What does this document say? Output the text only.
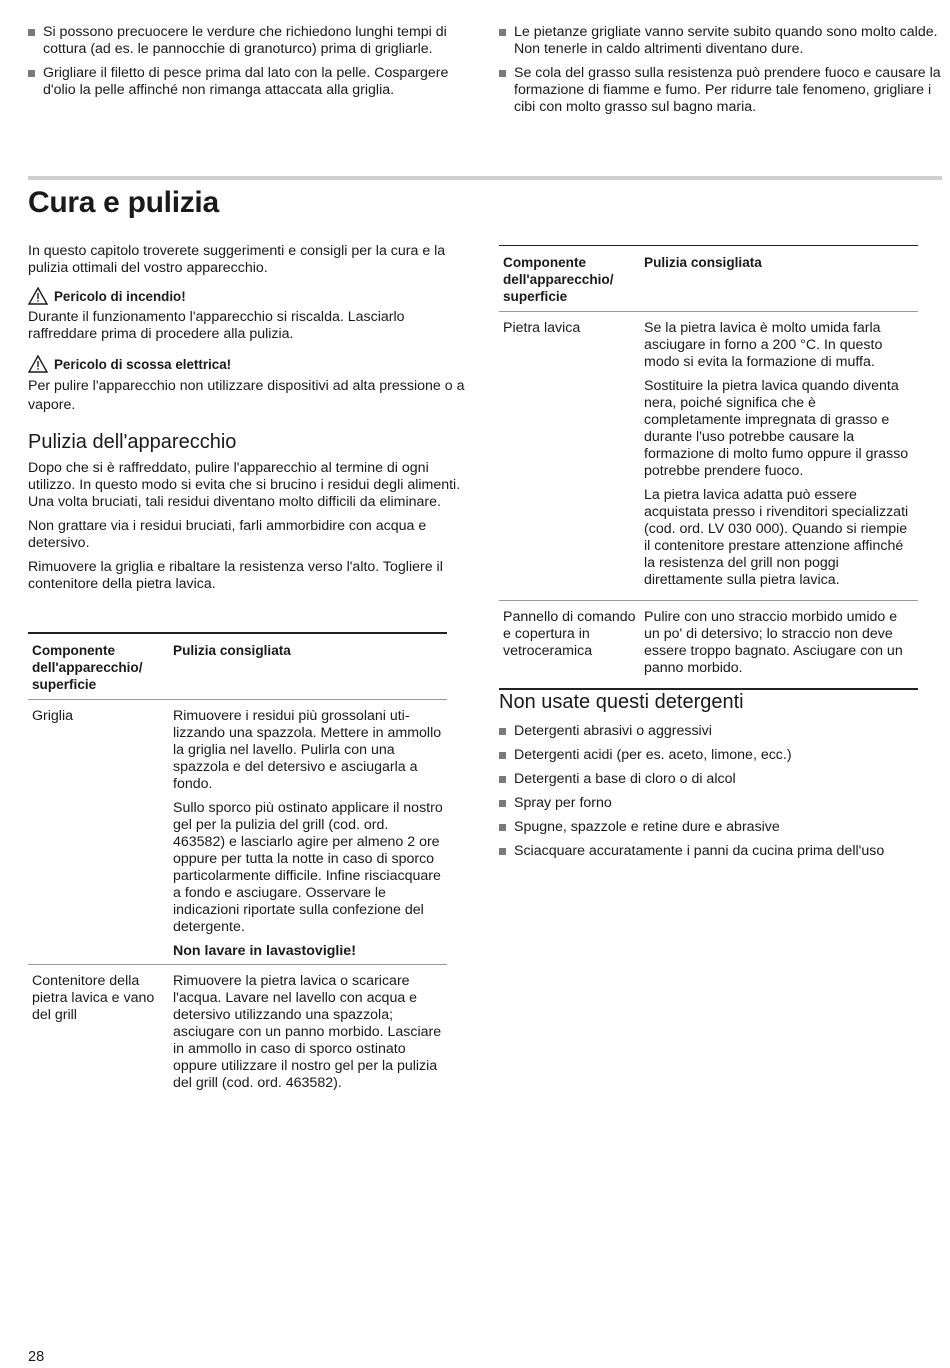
Si possono precuocere le verdure che richiedono lunghi tempi di cottura (ad es. le pannocchie di granoturco) prima di grigliarle.
Grigliare il filetto di pesce prima dal lato con la pelle. Cospargere d'olio la pelle affinché non rimanga attaccata alla griglia.
Le pietanze grigliate vanno servite subito quando sono molto calde. Non tenerle in caldo altrimenti diventano dure.
Se cola del grasso sulla resistenza può prendere fuoco e causare la formazione di fiamme e fumo. Per ridurre tale fenomeno, grigliare i cibi con molto grasso sul bagno maria.
Cura e pulizia

In questo capitolo troverete suggerimenti e consigli per la cura e la pulizia ottimali del vostro apparecchio.

Pericolo di incendio!

Durante il funzionamento l'apparecchio si riscalda. Lasciarlo raffreddare prima di procedere alla pulizia.

Pericolo di scossa elettrica!

Per pulire l'apparecchio non utilizzare dispositivi ad alta pressione o a vapore.

Pulizia dell'apparecchio

Dopo che si è raffreddato, pulire l'apparecchio al termine di ogni utilizzo. In questo modo si evita che si brucino i residui degli alimenti. Una volta bruciati, tali residui diventano molto difficili da eliminare.

Non grattare via i residui bruciati, farli ammorbidire con acqua e detersivo.

Rimuovere la griglia e ribaltare la resistenza verso l'alto. Togliere il contenitore della pietra lavica.

Componente dell'apparecchio/ superficie	Pulizia consigliata
Griglia	Rimuovere i residui più grossolani utilizzando una spazzola. Mettere in ammollo la griglia nel lavello. Pulirla con una spazzola e del detersivo e asciugarla a fondo.

Sullo sporco più ostinato applicare il nostro gel per la pulizia del grill (cod. ord. 463582) e lasciarlo agire per almeno 2 ore oppure per tutta la notte in caso di sporco particolarmente difficile. Infine risciacquare a fondo e asciugare. Osservare le indicazioni riportate sulla confezione del detergente.

Non lavare in lavastoviglie!

Contenitore della pietra lavica e vano del grill	Rimuovere la pietra lavica o scaricare l'acqua. Lavare nel lavello con acqua e detersivo utilizzando una spazzola; asciugare con un panno morbido. Lasciare in ammollo in caso di sporco ostinato oppure utilizzare il nostro gel per la pulizia del grill (cod. ord. 463582).

Componente dell'apparecchio/ superficie	Pulizia consigliata
Pietra lavica	Se la pietra lavica è molto umida farla asciugare in forno a 200 °C. In questo modo si evita la formazione di muffa.

Sostituire la pietra lavica quando diventa nera, poiché significa che è completamente impregnata di grasso e durante l'uso potrebbe causare la formazione di molto fumo oppure il grasso potrebbe prendere fuoco.

La pietra lavica adatta può essere acquistata presso i rivenditori specializzati (cod. ord. LV 030 000). Quando si riempie il contenitore prestare attenzione affinché la resistenza del grill non poggi direttamente sulla pietra lavica.

Pannello di comando e copertura in vetroceramica	Pulire con uno straccio morbido umido e un po' di detersivo; lo straccio non deve essere troppo bagnato. Asciugare con un panno morbido.

Non usate questi detergenti
Detergenti abrasivi o aggressivi
Detergenti acidi (per es. aceto, limone, ecc.)
Detergenti a base di cloro o di alcol
Spray per forno
Spugne, spazzole e retine dure e abrasive
Sciacquare accuratamente i panni da cucina prima dell'uso
28
